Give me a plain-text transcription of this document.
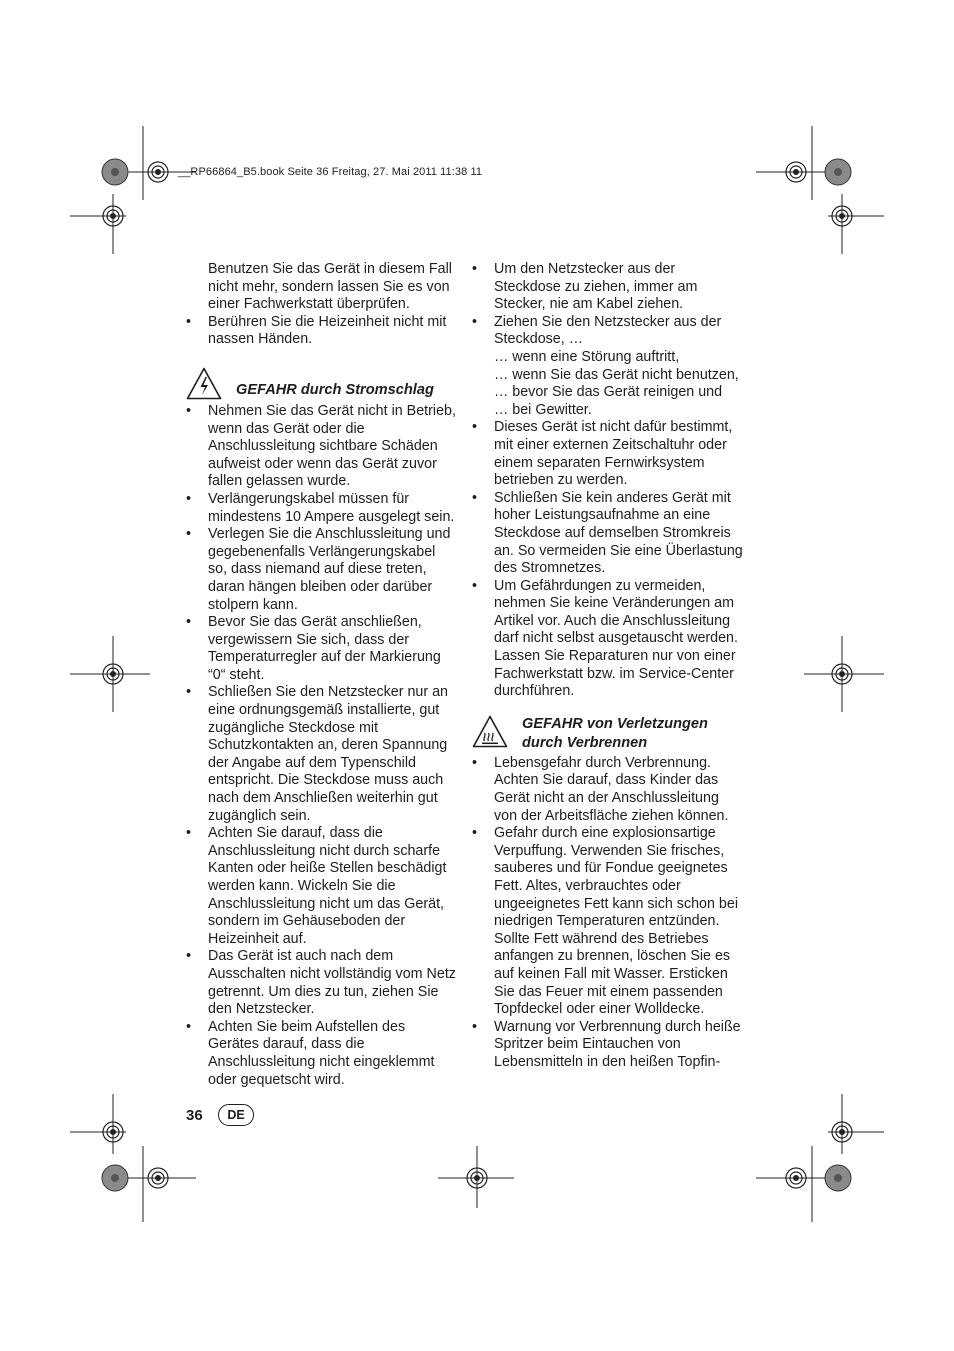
__RP66864_B5.book Seite 36 Freitag, 27. Mai 2011 11:38 11
Benutzen Sie das Gerät in diesem Fall nicht mehr, sondern lassen Sie es von einer Fachwerkstatt überprüfen.
• Berühren Sie die Heizeinheit nicht mit nassen Händen.
GEFAHR durch Stromschlag
• Nehmen Sie das Gerät nicht in Betrieb, wenn das Gerät oder die Anschlussleitung sichtbare Schäden aufweist oder wenn das Gerät zuvor fallen gelassen wurde.
• Verlängerungskabel müssen für mindestens 10 Ampere ausgelegt sein.
• Verlegen Sie die Anschlussleitung und gegebenenfalls Verlängerungskabel so, dass niemand auf diese treten, daran hängen bleiben oder darüber stolpern kann.
• Bevor Sie das Gerät anschließen, vergewissern Sie sich, dass der Temperaturregler auf der Markierung “0“ steht.
• Schließen Sie den Netzstecker nur an eine ordnungsgemäß installierte, gut zugängliche Steckdose mit Schutzkontakten an, deren Spannung der Angabe auf dem Typenschild entspricht. Die Steckdose muss auch nach dem Anschließen weiterhin gut zugänglich sein.
• Achten Sie darauf, dass die Anschlussleitung nicht durch scharfe Kanten oder heiße Stellen beschädigt werden kann. Wickeln Sie die Anschlussleitung nicht um das Gerät, sondern im Gehäuseboden der Heizeinheit auf.
• Das Gerät ist auch nach dem Ausschalten nicht vollständig vom Netz getrennt. Um dies zu tun, ziehen Sie den Netzstecker.
• Achten Sie beim Aufstellen des Gerätes darauf, dass die Anschlussleitung nicht eingeklemmt oder gequetscht wird.
• Um den Netzstecker aus der Steckdose zu ziehen, immer am Stecker, nie am Kabel ziehen.
• Ziehen Sie den Netzstecker aus der Steckdose, …
… wenn eine Störung auftritt,
… wenn Sie das Gerät nicht benutzen,
… bevor Sie das Gerät reinigen und
… bei Gewitter.
• Dieses Gerät ist nicht dafür bestimmt, mit einer externen Zeitschaltuhr oder einem separaten Fernwirksystem betrieben zu werden.
• Schließen Sie kein anderes Gerät mit hoher Leistungsaufnahme an eine Steckdose auf demselben Stromkreis an. So vermeiden Sie eine Überlastung des Stromnetzes.
• Um Gefährdungen zu vermeiden, nehmen Sie keine Veränderungen am Artikel vor. Auch die Anschlussleitung darf nicht selbst ausgetauscht werden. Lassen Sie Reparaturen nur von einer Fachwerkstatt bzw. im Service-Center durchführen.
GEFAHR von Verletzungen durch Verbrennen
• Lebensgefahr durch Verbrennung. Achten Sie darauf, dass Kinder das Gerät nicht an der Anschlussleitung von der Arbeitsfläche ziehen können.
• Gefahr durch eine explosionsartige Verpuffung. Verwenden Sie frisches, sauberes und für Fondue geeignetes Fett. Altes, verbrauchtes oder ungeeignetes Fett kann sich schon bei niedrigen Temperaturen entzünden. Sollte Fett während des Betriebes anfangen zu brennen, löschen Sie es auf keinen Fall mit Wasser. Ersticken Sie das Feuer mit einem passenden Topfdeckel oder einer Wolldecke.
• Warnung vor Verbrennung durch heiße Spritzer beim Eintauchen von Lebensmitteln in den heißen Topfin-
36	DE
